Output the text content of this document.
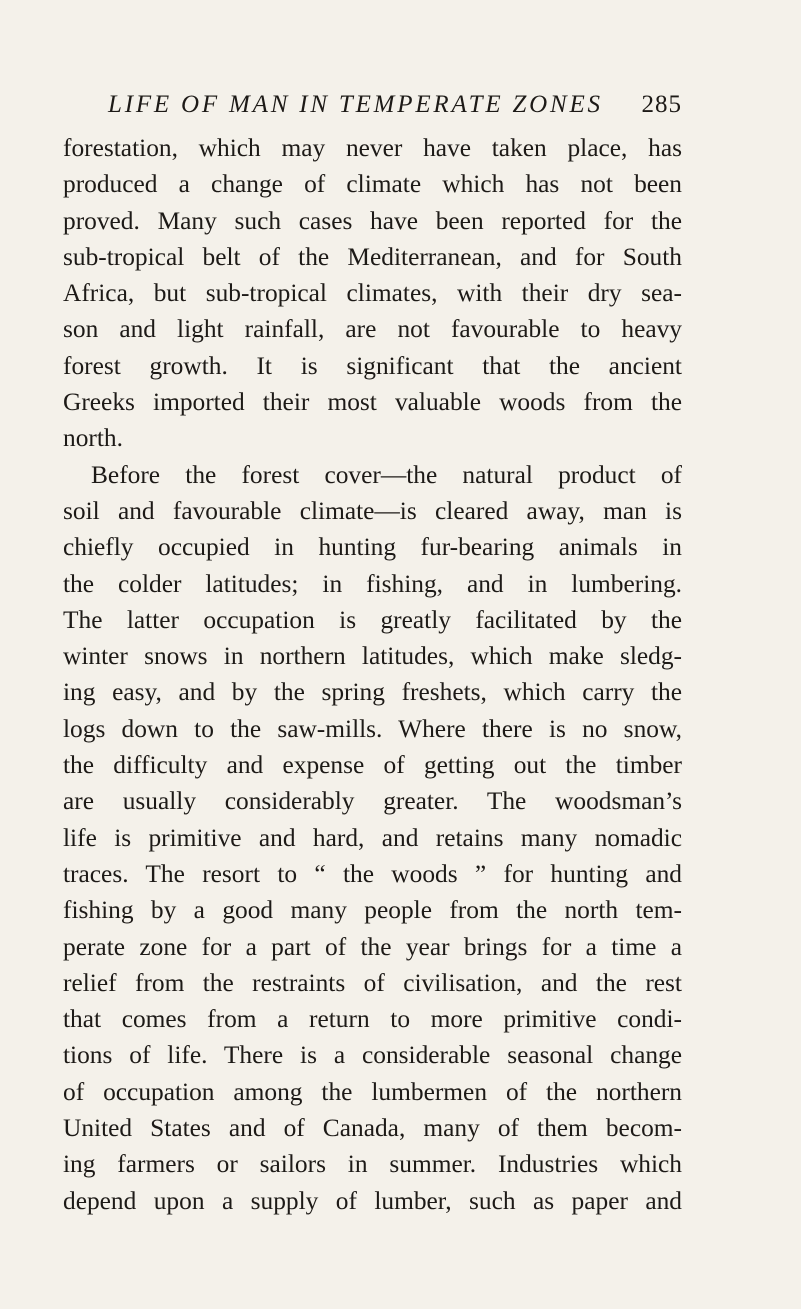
LIFE OF MAN IN TEMPERATE ZONES 285
forestation, which may never have taken place, has
produced a change of climate which has not been
proved. Many such cases have been reported for the
sub-tropical belt of the Mediterranean, and for South
Africa, but sub-tropical climates, with their dry sea-
son and light rainfall, are not favourable to heavy
forest growth. It is significant that the ancient
Greeks imported their most valuable woods from the
north.
Before the forest cover—the natural product of
soil and favourable climate—is cleared away, man is
chiefly occupied in hunting fur-bearing animals in
the colder latitudes; in fishing, and in lumbering.
The latter occupation is greatly facilitated by the
winter snows in northern latitudes, which make sledg-
ing easy, and by the spring freshets, which carry the
logs down to the saw-mills. Where there is no snow,
the difficulty and expense of getting out the timber
are usually considerably greater. The woodsman’s
life is primitive and hard, and retains many nomadic
traces. The resort to “ the woods ” for hunting and
fishing by a good many people from the north tem-
perate zone for a part of the year brings for a time a
relief from the restraints of civilisation, and the rest
that comes from a return to more primitive condi-
tions of life. There is a considerable seasonal change
of occupation among the lumbermen of the northern
United States and of Canada, many of them becom-
ing farmers or sailors in summer. Industries which
depend upon a supply of lumber, such as paper and
